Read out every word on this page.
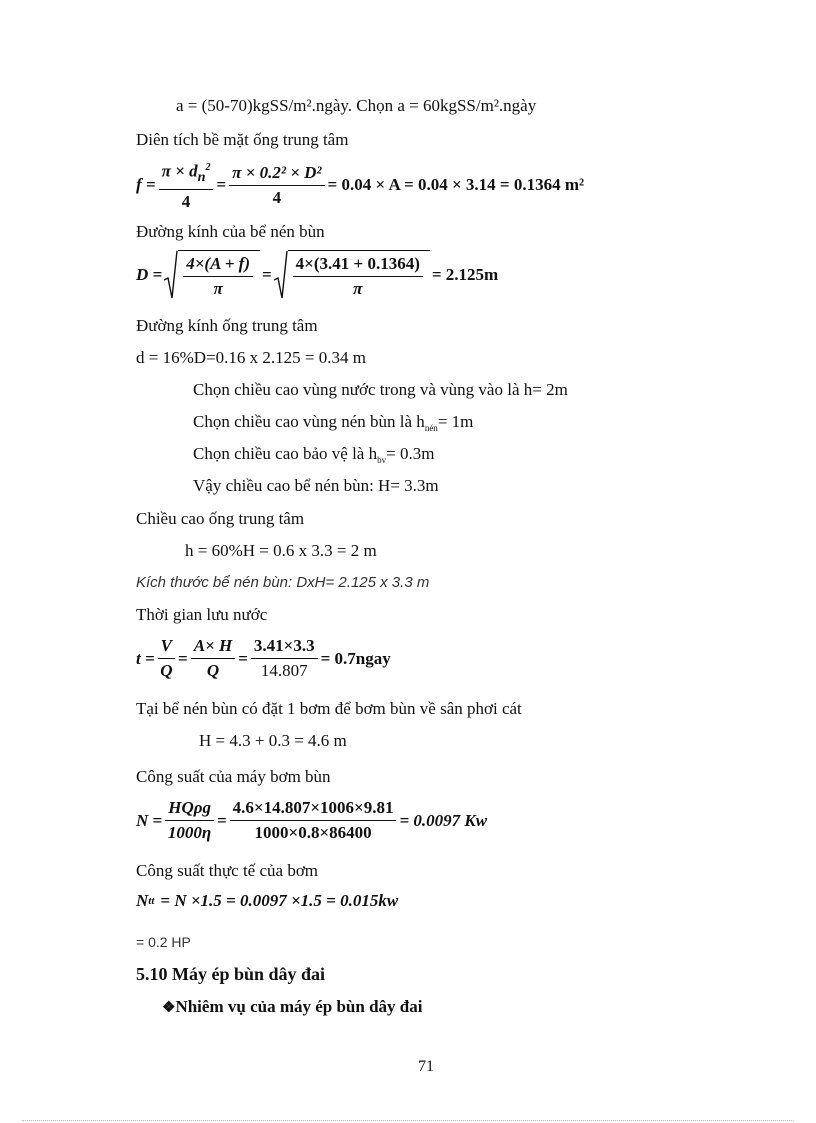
a = (50-70)kgSS/m².ngày. Chọn a = 60kgSS/m².ngày
Diên tích bề mặt ống trung tâm
$f = \frac{\pi \times d_n^2}{4} = \frac{\text{π × 0.2² × D²}}{4} = 0.04 \times A = 0.04 \times 3.14 = 0.1364$ m²
Đường kính của bể nén bùn
$D = \frac{4\times(A + f)}{\pi} = \frac{4\times(3.41 + 0.1364)}{\pi} = 2.125m$
Đường kính ống trung tâm
d = 16%D=0.16 x 2.125 = 0.34 m
Chọn chiều cao vùng nước trong và vùng vào là h= 2m
Chọn chiều cao vùng nén bùn là $h_{nén}= 1m$
Chọn chiều cao bảo vệ là $h_{bv}= 0.3m$
Vậy chiều cao bể nén bùn: H= 3.3m
Chiều cao ống trung tâm
h = 60%H = 0.6 x 3.3 = 2 m
Kích thước bể nén bùn: DxH= 2.125 x 3.3 m
Thời gian lưu nước
$t = \frac{V}{Q} = \frac{A\times H}{Q} = \frac{3.41\times 3.3}{14.807}$ = 0.7ngay
Tại bể nén bùn có đặt 1 bơm để bơm bùn về sân phơi cát
H = 4.3 + 0.3 = 4.6 m
Công suất của máy bơm bùn
$N = \frac{\text{HQρg}}{1000\eta} = \frac{4.6\times 14.807\times 1006\times 9.81}{1000\times 0.8\times 86400} = 0.0097$ Kw
Công suất thực tế của bơm
N tt = N ×1.5 = 0.0097 ×1.5 = 0.015kw
= 0.2 HP
5.10 Máy ép bùn dây đai
❖Nhiêm vụ của máy ép bùn dây đai
71
